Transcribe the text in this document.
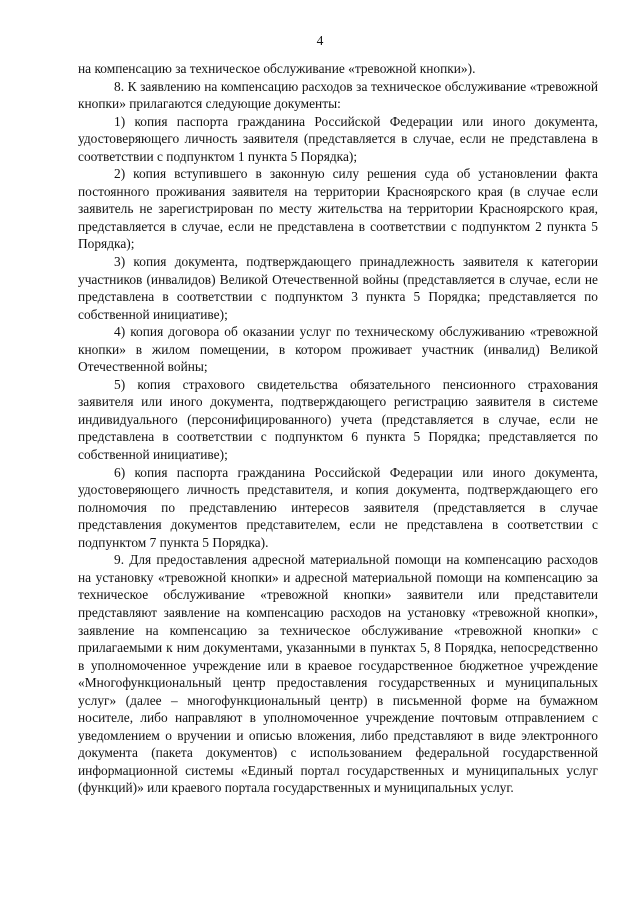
4

на компенсацию за техническое обслуживание «тревожной кнопки»).

8. К заявлению на компенсацию расходов за техническое обслуживание «тревожной кнопки» прилагаются следующие документы:

1) копия паспорта гражданина Российской Федерации или иного документа, удостоверяющего личность заявителя (представляется в случае, если не представлена в соответствии с подпунктом 1 пункта 5 Порядка);

2) копия вступившего в законную силу решения суда об установлении факта постоянного проживания заявителя на территории Красноярского края (в случае если заявитель не зарегистрирован по месту жительства на территории Красноярского края, представляется в случае, если не представлена в соответствии с подпунктом 2 пункта 5 Порядка);

3) копия документа, подтверждающего принадлежность заявителя к категории участников (инвалидов) Великой Отечественной войны (представляется в случае, если не представлена в соответствии с подпунктом 3 пункта 5 Порядка; представляется по собственной инициативе);

4) копия договора об оказании услуг по техническому обслуживанию «тревожной кнопки» в жилом помещении, в котором проживает участник (инвалид) Великой Отечественной войны;

5) копия страхового свидетельства обязательного пенсионного страхования заявителя или иного документа, подтверждающего регистрацию заявителя в системе индивидуального (персонифицированного) учета (представляется в случае, если не представлена в соответствии с подпунктом 6 пункта 5 Порядка; представляется по собственной инициативе);

6) копия паспорта гражданина Российской Федерации или иного документа, удостоверяющего личность представителя, и копия документа, подтверждающего его полномочия по представлению интересов заявителя (представляется в случае представления документов представителем, если не представлена в соответствии с подпунктом 7 пункта 5 Порядка).

9. Для предоставления адресной материальной помощи на компенсацию расходов на установку «тревожной кнопки» и адресной материальной помощи на компенсацию за техническое обслуживание «тревожной кнопки» заявители или представители представляют заявление на компенсацию расходов на установку «тревожной кнопки», заявление на компенсацию за техническое обслуживание «тревожной кнопки» с прилагаемыми к ним документами, указанными в пунктах 5, 8 Порядка, непосредственно в уполномоченное учреждение или в краевое государственное бюджетное учреждение «Многофункциональный центр предоставления государственных и муниципальных услуг» (далее – многофункциональный центр) в письменной форме на бумажном носителе, либо направляют в уполномоченное учреждение почтовым отправлением с уведомлением о вручении и описью вложения, либо представляют в виде электронного документа (пакета документов) с использованием федеральной государственной информационной системы «Единый портал государственных и муниципальных услуг (функций)» или краевого портала государственных и муниципальных услуг.
